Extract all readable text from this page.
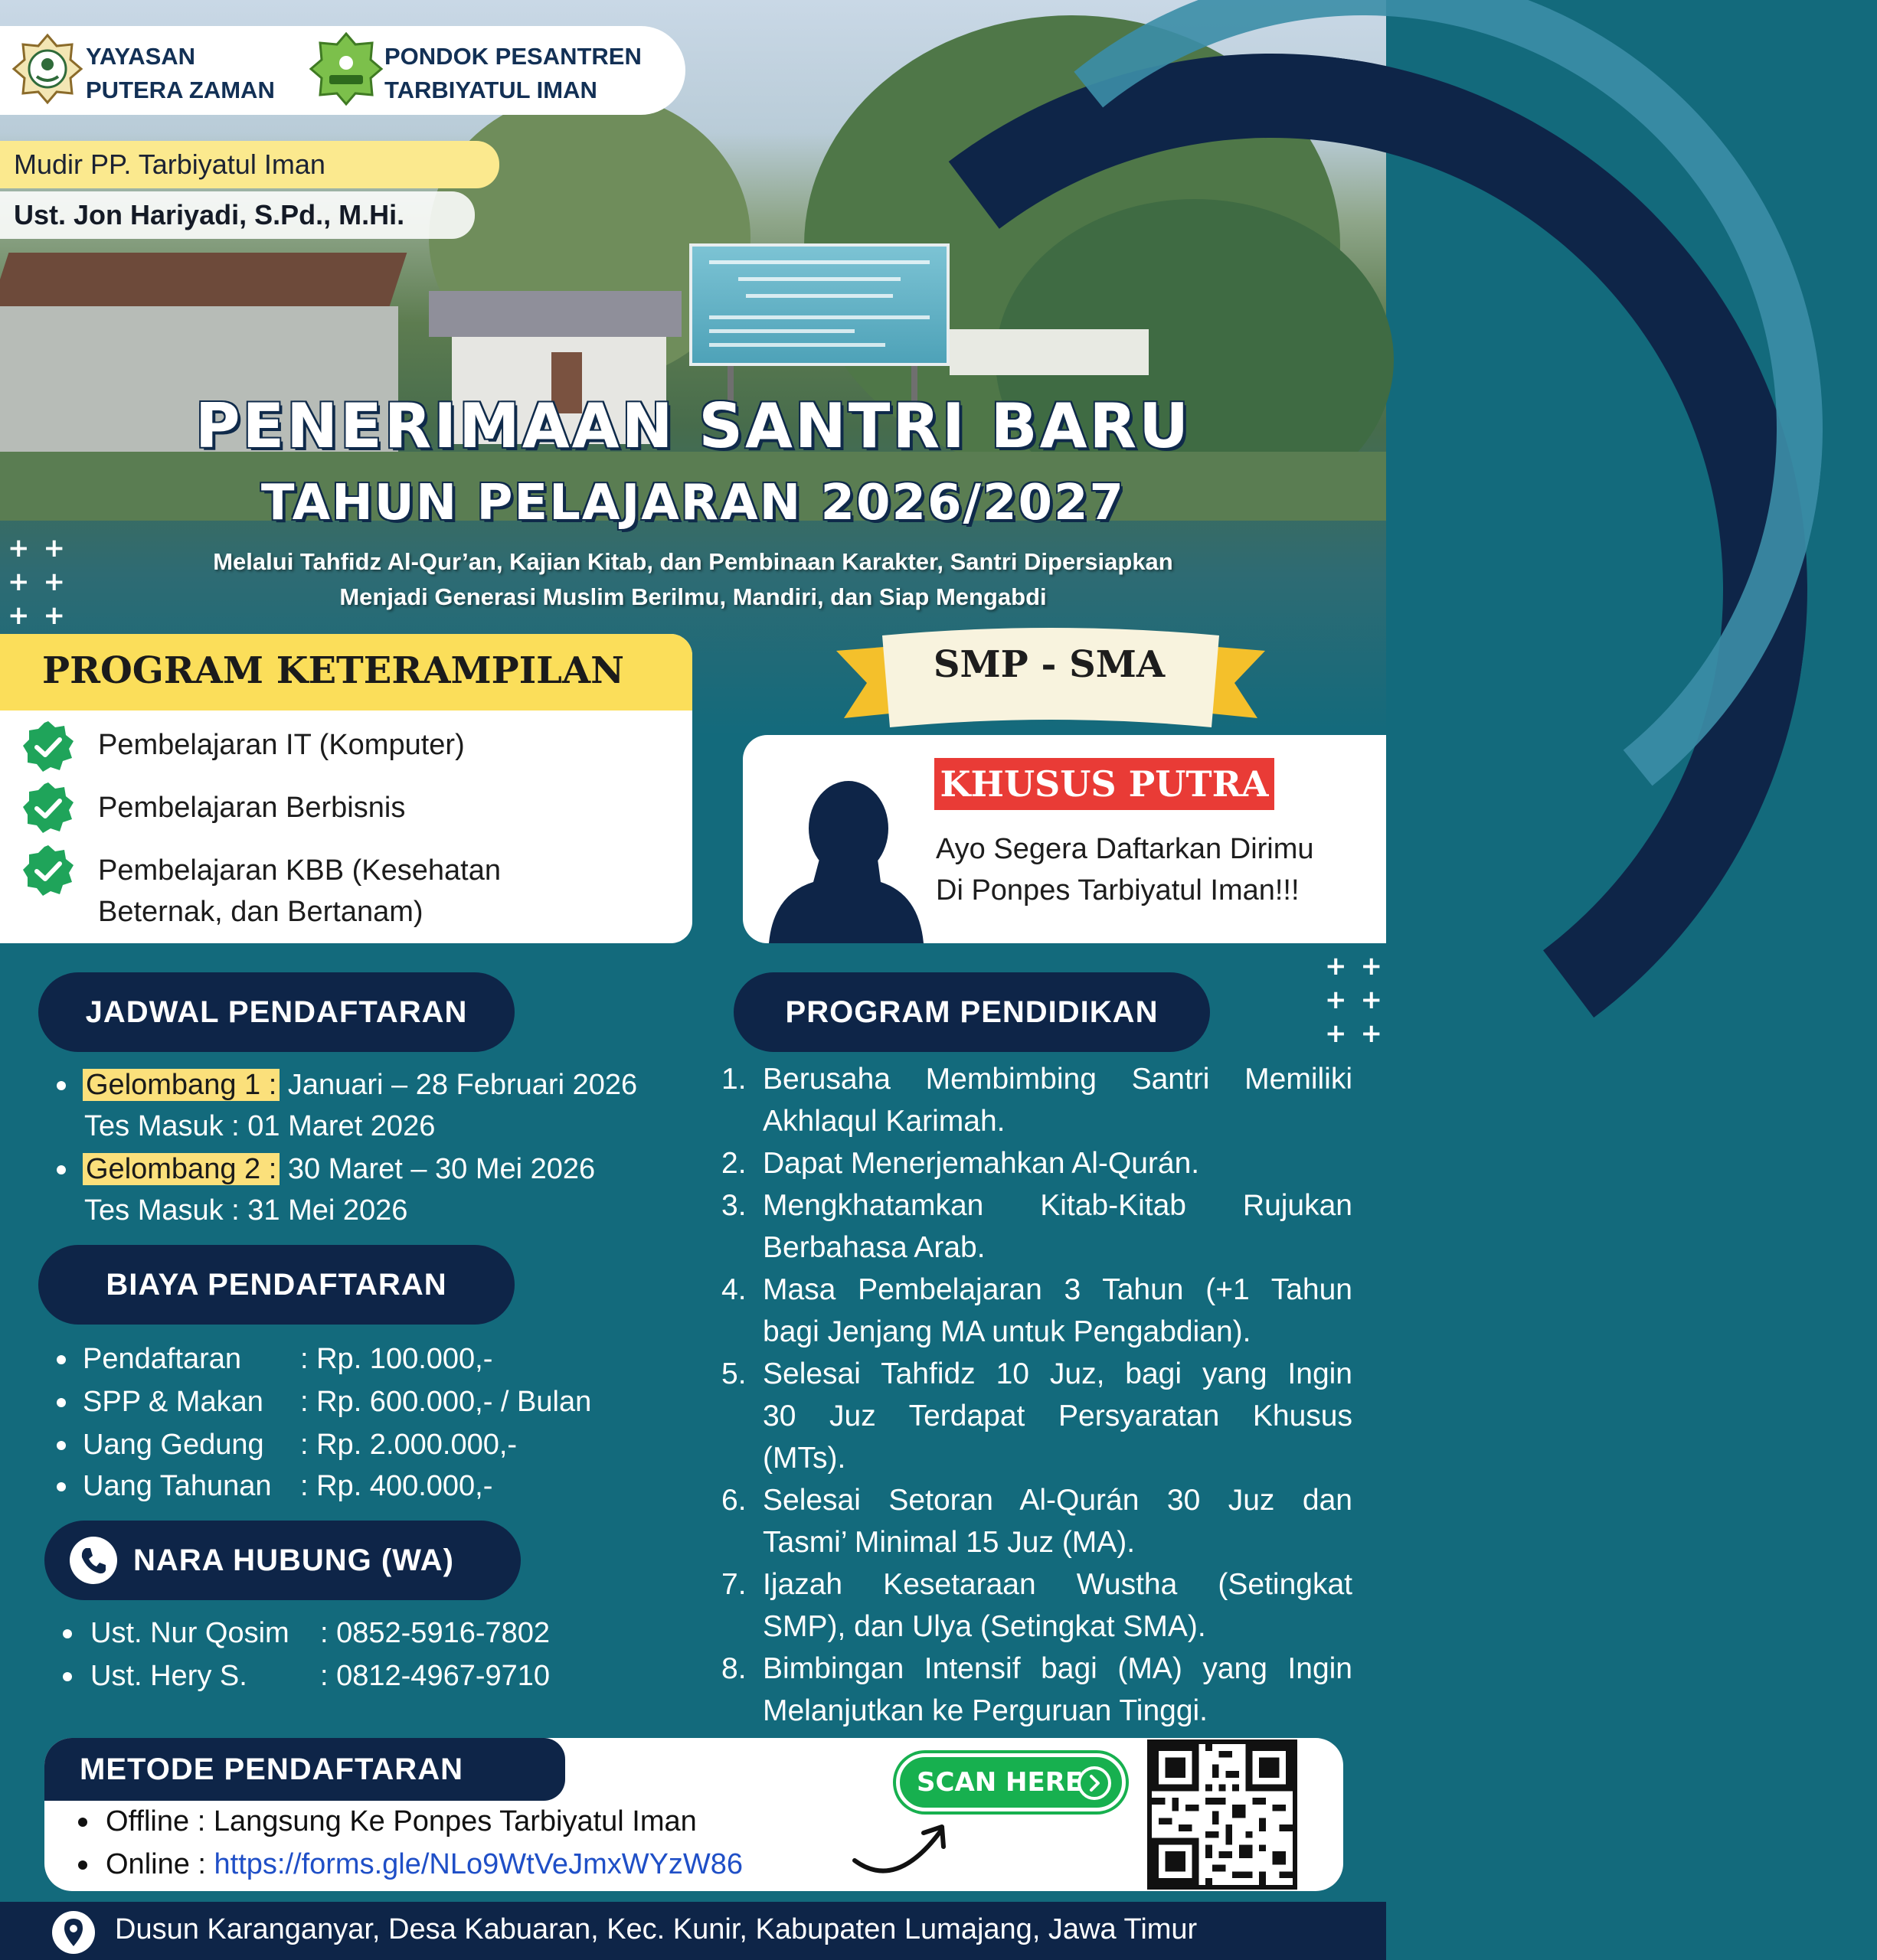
YAYASAN
PUTERA ZAMAN
PONDOK PESANTREN
TARBIYATUL IMAN
Mudir PP. Tarbiyatul Iman
Ust. Jon Hariyadi, S.Pd., M.Hi.
PENERIMAAN SANTRI BARU
TAHUN PELAJARAN 2026/2027
Melalui Tahfidz Al-Qur’an, Kajian Kitab, dan Pembinaan Karakter, Santri Dipersiapkan
Menjadi Generasi Muslim Berilmu, Mandiri, dan Siap Mengabdi
++
++
++
++
++
++
PROGRAM KETERAMPILAN
Pembelajaran IT (Komputer)
Pembelajaran Berbisnis
Pembelajaran KBB (Kesehatan
Beternak, dan Bertanam)
SMP - SMA
KHUSUS PUTRA
Ayo Segera Daftarkan Dirimu
Di Ponpes Tarbiyatul Iman!!!
JADWAL PENDAFTARAN
Gelombang 1 : Januari – 28 Februari 2026
Tes Masuk : 01 Maret 2026
Gelombang 2 : 30 Maret – 30 Mei 2026
Tes Masuk : 31 Mei 2026
BIAYA PENDAFTARAN
Pendaftaran : Rp. 100.000,-
SPP & Makan : Rp. 600.000,- / Bulan
Uang Gedung : Rp. 2.000.000,-
Uang Tahunan : Rp. 400.000,-
NARA HUBUNG (WA)
Ust. Nur Qosim : 0852-5916-7802
Ust. Hery S.	: 0812-4967-9710
PROGRAM PENDIDIKAN
1. Berusaha Membimbing Santri Memiliki
Akhlaqul Karimah.
2. Dapat Menerjemahkan Al-Qurán.
3. Mengkhatamkan Kitab-Kitab Rujukan
Berbahasa Arab.
4. Masa Pembelajaran 3 Tahun (+1 Tahun
bagi Jenjang MA untuk Pengabdian).
5. Selesai Tahfidz 10 Juz, bagi yang Ingin
30 Juz Terdapat Persyaratan Khusus
(MTs).
6. Selesai Setoran Al-Qurán 30 Juz dan
Tasmi’ Minimal 15 Juz (MA).
7. Ijazah Kesetaraan Wustha (Setingkat
SMP), dan Ulya (Setingkat SMA).
8. Bimbingan Intensif bagi (MA) yang Ingin
Melanjutkan ke Perguruan Tinggi.
METODE PENDAFTARAN
Offline : Langsung Ke Ponpes Tarbiyatul Iman
Online : https://forms.gle/NLo9WtVeJmxWYzW86
SCAN HERE
Dusun Karanganyar, Desa Kabuaran, Kec. Kunir, Kabupaten Lumajang, Jawa Timur
